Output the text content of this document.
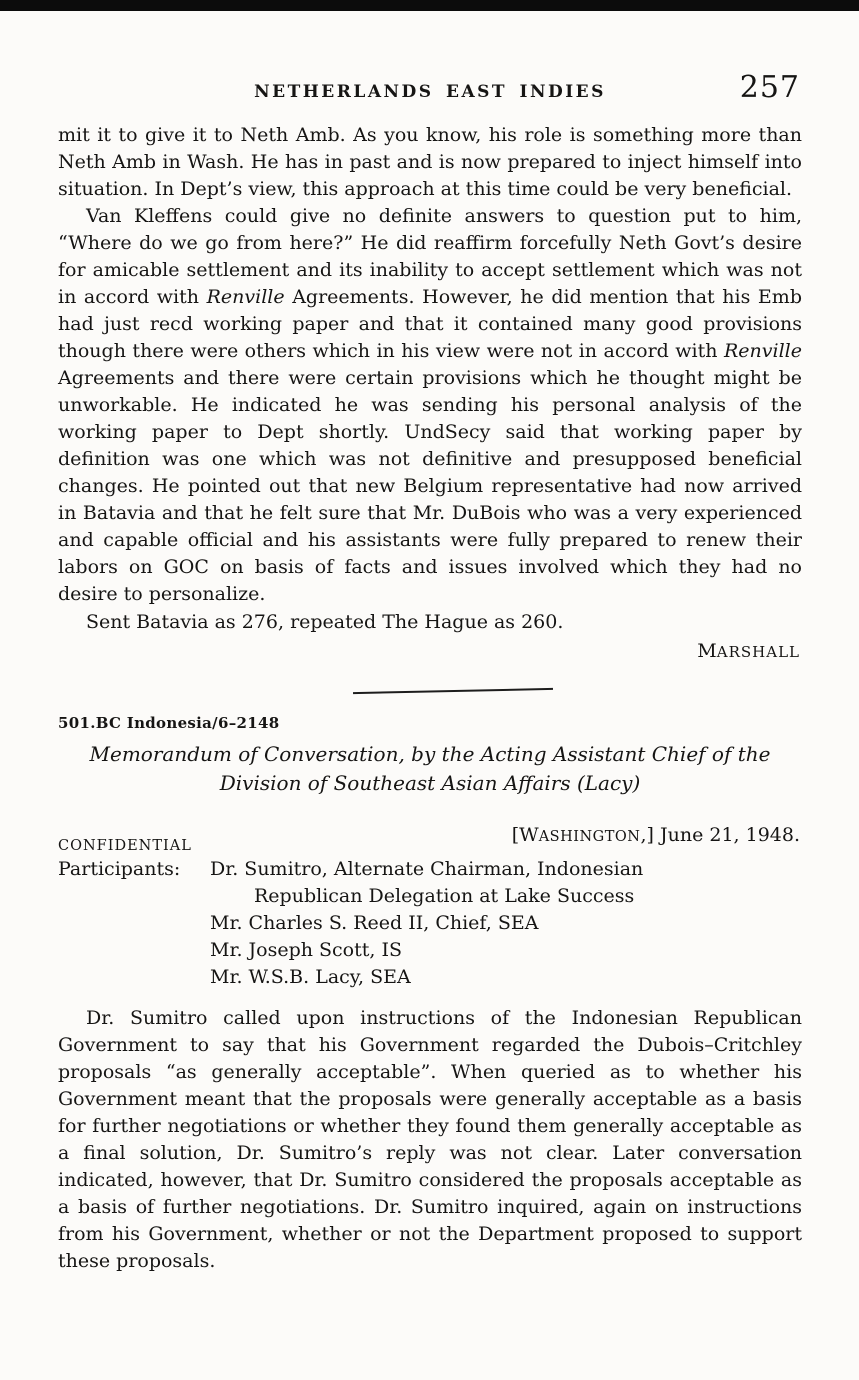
NETHERLANDS EAST INDIES	257

mit it to give it to Neth Amb. As you know, his role is something more than Neth Amb in Wash. He has in past and is now prepared to inject himself into situation. In Dept’s view, this approach at this time could be very beneficial.

Van Kleffens could give no definite answers to question put to him, “Where do we go from here?” He did reaffirm forcefully Neth Govt’s desire for amicable settlement and its inability to accept settlement which was not in accord with Renville Agreements. However, he did mention that his Emb had just recd working paper and that it contained many good provisions though there were others which in his view were not in accord with Renville Agreements and there were certain provisions which he thought might be unworkable. He indicated he was sending his personal analysis of the working paper to Dept shortly. UndSecy said that working paper by definition was one which was not definitive and presupposed beneficial changes. He pointed out that new Belgium representative had now arrived in Batavia and that he felt sure that Mr. DuBois who was a very experienced and capable official and his assistants were fully prepared to renew their labors on GOC on basis of facts and issues involved which they had no desire to personalize.

Sent Batavia as 276, repeated The Hague as 260.
MARSHALL
501.BC Indonesia/6–2148
Memorandum of Conversation, by the Acting Assistant Chief of the Division of Southeast Asian Affairs (Lacy)
CONFIDENTIAL	[WASHINGTON,] June 21, 1948.
Participants:	Dr. Sumitro, Alternate Chairman, Indonesian
Republican Delegation at Lake Success
Mr. Charles S. Reed II, Chief, SEA
Mr. Joseph Scott, IS
Mr. W.S.B. Lacy, SEA

Dr. Sumitro called upon instructions of the Indonesian Republican Government to say that his Government regarded the Dubois–Critchley proposals “as generally acceptable”. When queried as to whether his Government meant that the proposals were generally acceptable as a basis for further negotiations or whether they found them generally acceptable as a final solution, Dr. Sumitro’s reply was not clear. Later conversation indicated, however, that Dr. Sumitro considered the proposals acceptable as a basis of further negotiations. Dr. Sumitro inquired, again on instructions from his Government, whether or not the Department proposed to support these proposals.
